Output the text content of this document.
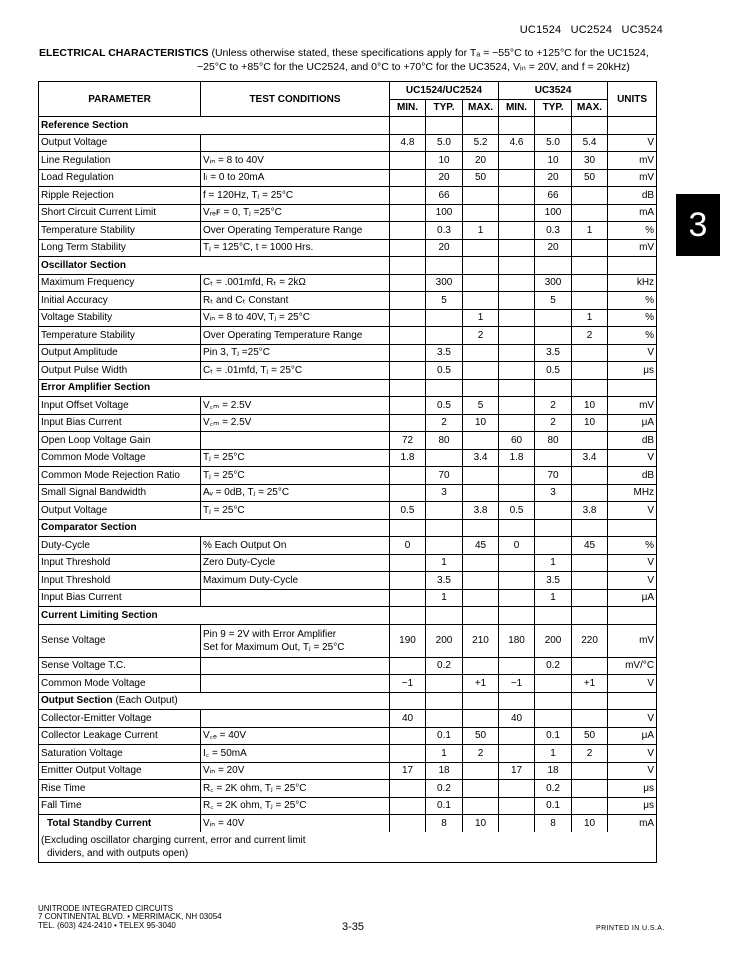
UC1524 UC2524 UC3524
ELECTRICAL CHARACTERISTICS (Unless otherwise stated, these specifications apply for Tₐ = −55°C to +125°C for the UC1524,
−25°C to +85°C for the UC2524, and 0°C to +70°C for the UC3524, Vᵢₙ = 20V, and f = 20kHz)
3
PARAMETER	TEST CONDITIONS	UC1524/UC2524			UC3524			UNITS
		MIN.	TYP.	MAX.	MIN.	TYP.	MAX.	
Reference Section								
Output Voltage		4.8	5.0	5.2	4.6	5.0	5.4	V
Line Regulation	Vᵢₙ = 8 to 40V		10	20		10	30	mV
Load Regulation	Iₗ = 0 to 20mA		20	50		20	50	mV
Ripple Rejection	f = 120Hz, Tⱼ = 25°C		66			66		dB
Short Circuit Current Limit	Vᵣₑꜰ = 0, Tⱼ =25°C		100			100		mA
Temperature Stability	Over Operating Temperature Range		0.3	1		0.3	1	%
Long Term Stability	Tⱼ = 125°C, t = 1000 Hrs.		20			20		mV
Oscillator Section								
Maximum Frequency	Cₜ = .001mfd, Rₜ = 2kΩ		300			300		kHz
Initial Accuracy	Rₜ and Cₜ Constant		5			5		%
Voltage Stability	Vᵢₙ = 8 to 40V, Tⱼ = 25°C			1			1	%
Temperature Stability	Over Operating Temperature Range			2			2	%
Output Amplitude	Pin 3, Tⱼ =25°C		3.5			3.5		V
Output Pulse Width	Cₜ = .01mfd, Tⱼ = 25°C		0.5			0.5		μs
Error Amplifier Section								
Input Offset Voltage	V꜀ₘ = 2.5V		0.5	5		2	10	mV
Input Bias Current	V꜀ₘ = 2.5V		2	10		2	10	μA
Open Loop Voltage Gain		72	80		60	80		dB
Common Mode Voltage	Tⱼ = 25°C	1.8		3.4	1.8		3.4	V
Common Mode Rejection Ratio	Tⱼ = 25°C		70			70		dB
Small Signal Bandwidth	Aᵥ = 0dB, Tⱼ = 25°C		3			3		MHz
Output Voltage	Tⱼ = 25°C	0.5		3.8	0.5		3.8	V
Comparator Section								
Duty-Cycle	% Each Output On	0		45	0		45	%
Input Threshold	Zero Duty-Cycle		1			1		V
Input Threshold	Maximum Duty-Cycle		3.5			3.5		V
Input Bias Current			1			1		μA
Current Limiting Section								
Sense Voltage	Pin 9 = 2V with Error Amplifier
Set for Maximum Out, Tⱼ = 25°C	190	200	210	180	200	220	mV
Sense Voltage T.C.			0.2			0.2		mV/°C
Common Mode Voltage		−1		+1	−1		+1	V
Output Section (Each Output)								
Collector-Emitter Voltage		40			40			V
Collector Leakage Current	V꜀ₑ = 40V		0.1	50		0.1	50	μA
Saturation Voltage	I꜀ = 50mA		1	2		1	2	V
Emitter Output Voltage	Vᵢₙ = 20V	17	18		17	18		V
Rise Time	R꜀ = 2K ohm, Tⱼ = 25°C		0.2			0.2		μs
Fall Time	R꜀ = 2K ohm, Tⱼ = 25°C		0.1			0.1		μs
Total Standby Current	Vᵢₙ = 40V		8	10		8	10	mA

(Excluding oscillator charging current, error and current limit
dividers, and with outputs open)								
UNITRODE INTEGRATED CIRCUITS
7 CONTINENTAL BLVD. • MERRIMACK, NH 03054
TEL. (603) 424-2410 • TELEX 95-3040	3-35	PRINTED IN U.S.A.
